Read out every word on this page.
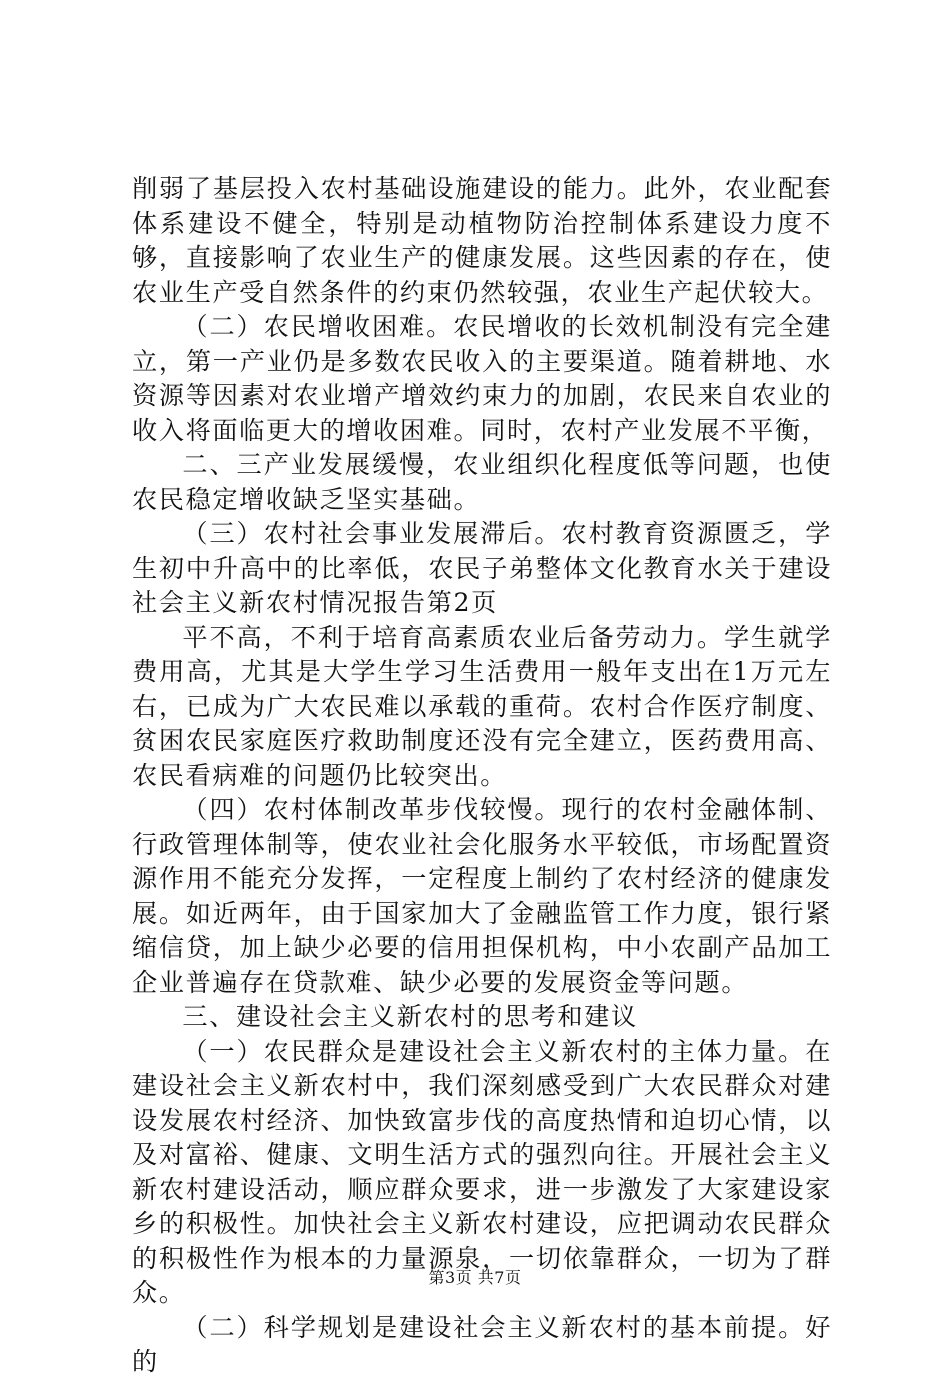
削弱了基层投入农村基础设施建设的能力。此外，农业配套体系建设不健全，特别是动植物防治控制体系建设力度不够，直接影响了农业生产的健康发展。这些因素的存在，使农业生产受自然条件的约束仍然较强，农业生产起伏较大。

（二）农民增收困难。农民增收的长效机制没有完全建立，第一产业仍是多数农民收入的主要渠道。随着耕地、水资源等因素对农业增产增效约束力的加剧，农民来自农业的收入将面临更大的增收困难。同时，农村产业发展不平衡，

二、三产业发展缓慢，农业组织化程度低等问题，也使农民稳定增收缺乏坚实基础。

（三）农村社会事业发展滞后。农村教育资源匮乏，学生初中升高中的比率低，农民子弟整体文化教育水关于建设社会主义新农村情况报告第2页

平不高，不利于培育高素质农业后备劳动力。学生就学费用高，尤其是大学生学习生活费用一般年支出在1万元左右，已成为广大农民难以承载的重荷。农村合作医疗制度、贫困农民家庭医疗救助制度还没有完全建立，医药费用高、农民看病难的问题仍比较突出。

（四）农村体制改革步伐较慢。现行的农村金融体制、行政管理体制等，使农业社会化服务水平较低，市场配置资源作用不能充分发挥，一定程度上制约了农村经济的健康发展。如近两年，由于国家加大了金融监管工作力度，银行紧缩信贷，加上缺少必要的信用担保机构，中小农副产品加工企业普遍存在贷款难、缺少必要的发展资金等问题。

三、建设社会主义新农村的思考和建议

（一）农民群众是建设社会主义新农村的主体力量。在建设社会主义新农村中，我们深刻感受到广大农民群众对建设发展农村经济、加快致富步伐的高度热情和迫切心情，以及对富裕、健康、文明生活方式的强烈向往。开展社会主义新农村建设活动，顺应群众要求，进一步激发了大家建设家乡的积极性。加快社会主义新农村建设，应把调动农民群众的积极性作为根本的力量源泉，一切依靠群众，一切为了群众。

（二）科学规划是建设社会主义新农村的基本前提。好的

第3页 共7页
